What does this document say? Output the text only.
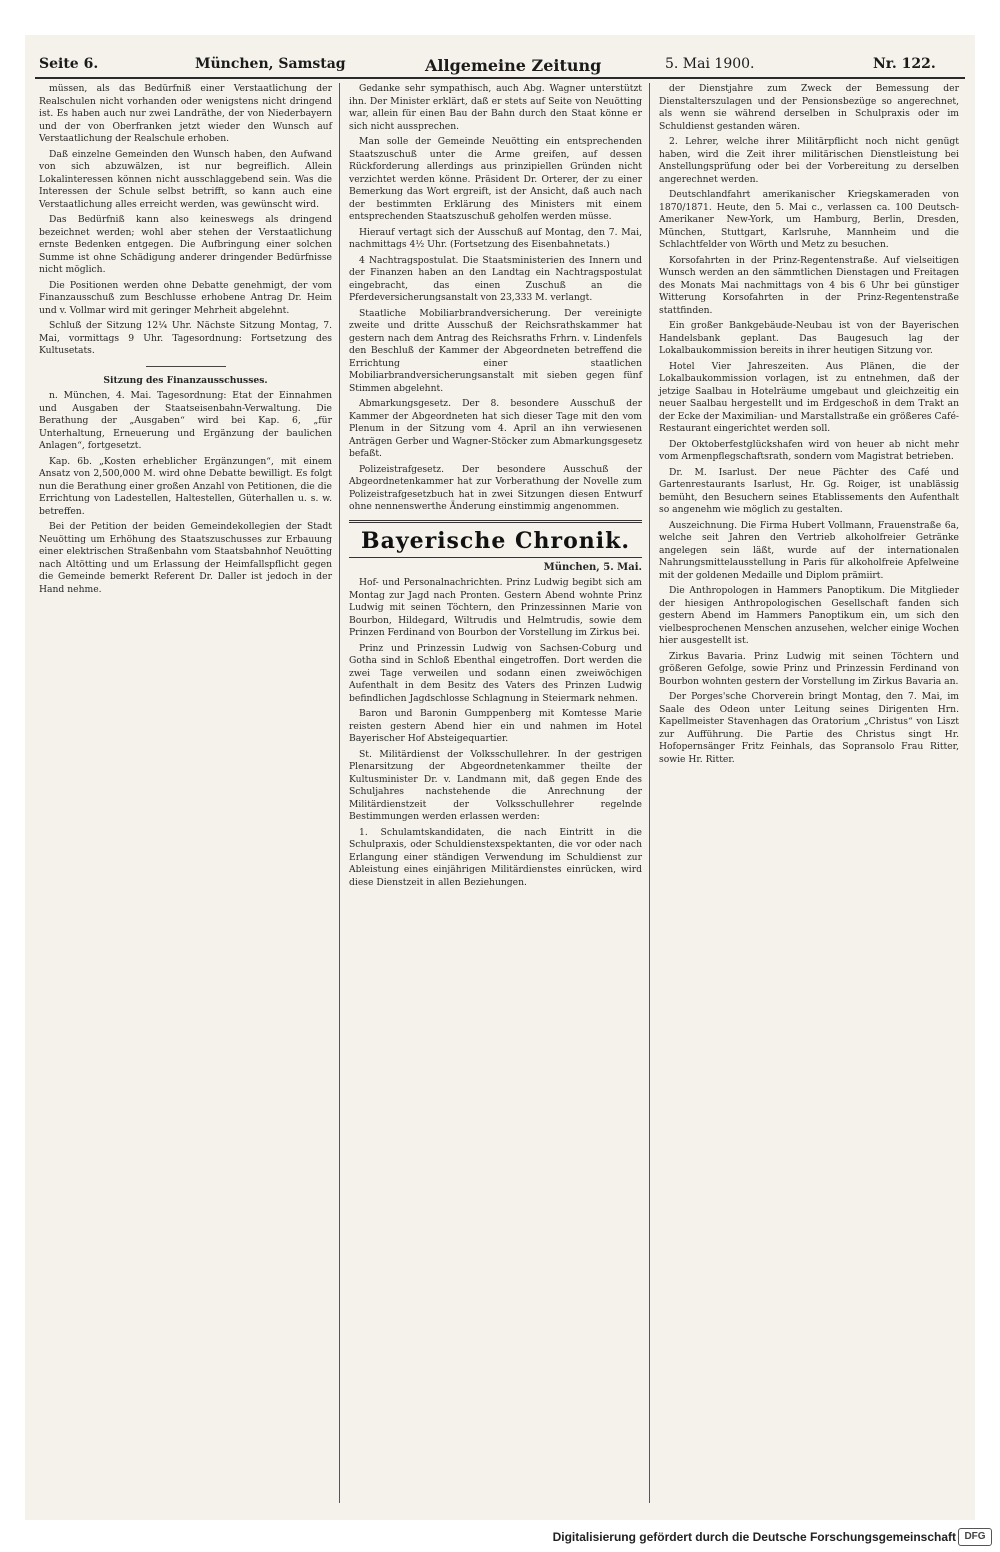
Seite 6.	München, Samstag	Allgemeine Zeitung	5. Mai 1900.	Nr. 122.

müssen, als das Bedürfniß einer Verstaatlichung der Realschulen nicht vorhanden oder wenigstens nicht dringend ist. Es haben auch nur zwei Landräthe, der von Niederbayern und der von Oberfranken jetzt wieder den Wunsch auf Verstaatlichung der Realschule erhoben.

Daß einzelne Gemeinden den Wunsch haben, den Aufwand von sich abzuwälzen, ist nur begreiflich. Allein Lokalinteressen können nicht ausschlaggebend sein. Was die Interessen der Schule selbst betrifft, so kann auch eine Verstaatlichung alles erreicht werden, was gewünscht wird.

Das Bedürfniß kann also keineswegs als dringend bezeichnet werden; wohl aber stehen der Verstaatlichung ernste Bedenken entgegen. Die Aufbringung einer solchen Summe ist ohne Schädigung anderer dringender Bedürfnisse nicht möglich.

Die Positionen werden ohne Debatte genehmigt, der vom Finanzausschuß zum Beschlusse erhobene Antrag Dr. Heim und v. Vollmar wird mit geringer Mehrheit abgelehnt.

Schluß der Sitzung 12¼ Uhr. Nächste Sitzung Montag, 7. Mai, vormittags 9 Uhr. Tagesordnung: Fortsetzung des Kultusetats.

Sitzung des Finanzausschusses.

n. München, 4. Mai. Tagesordnung: Etat der Einnahmen und Ausgaben der Staatseisenbahn-Verwaltung. Die Berathung der „Ausgaben“ wird bei Kap. 6, „für Unterhaltung, Erneuerung und Ergänzung der baulichen Anlagen“, fortgesetzt.

Kap. 6b. „Kosten erheblicher Ergänzungen“, mit einem Ansatz von 2,500,000 M. wird ohne Debatte bewilligt. Es folgt nun die Berathung einer großen Anzahl von Petitionen, die die Errichtung von Ladestellen, Haltestellen, Güterhallen u. s. w. betreffen.

Bei der Petition der beiden Gemeindekollegien der Stadt Neuötting um Erhöhung des Staatszuschusses zur Erbauung einer elektrischen Straßenbahn vom Staatsbahnhof Neuötting nach Altötting und um Erlassung der Heimfallspflicht gegen die Gemeinde bemerkt Referent Dr. Daller ist jedoch in der Hand nehme.

Gedanke sehr sympathisch, auch Abg. Wagner unterstützt ihn. Der Minister erklärt, daß er stets auf Seite von Neuötting war, allein für einen Bau der Bahn durch den Staat könne er sich nicht aussprechen.

Man solle der Gemeinde Neuötting ein entsprechenden Staatszuschuß unter die Arme greifen, auf dessen Rückforderung allerdings aus prinzipiellen Gründen nicht verzichtet werden könne. Präsident Dr. Orterer, der zu einer Bemerkung das Wort ergreift, ist der Ansicht, daß auch nach der bestimmten Erklärung des Ministers mit einem entsprechenden Staatszuschuß geholfen werden müsse.

Hierauf vertagt sich der Ausschuß auf Montag, den 7. Mai, nachmittags 4½ Uhr. (Fortsetzung des Eisenbahnetats.)

4 Nachtragspostulat. Die Staatsministerien des Innern und der Finanzen haben an den Landtag ein Nachtragspostulat eingebracht, das einen Zuschuß an die Pferdeversicherungsanstalt von 23,333 M. verlangt.

Staatliche Mobiliarbrandversicherung. Der vereinigte zweite und dritte Ausschuß der Reichsrathskammer hat gestern nach dem Antrag des Reichsraths Frhrn. v. Lindenfels den Beschluß der Kammer der Abgeordneten betreffend die Errichtung einer staatlichen Mobiliarbrandversicherungsanstalt mit sieben gegen fünf Stimmen abgelehnt.

Abmarkungsgesetz. Der 8. besondere Ausschuß der Kammer der Abgeordneten hat sich dieser Tage mit den vom Plenum in der Sitzung vom 4. April an ihn verwiesenen Anträgen Gerber und Wagner-Stöcker zum Abmarkungsgesetz befaßt.

Polizeistrafgesetz. Der besondere Ausschuß der Abgeordnetenkammer hat zur Vorberathung der Novelle zum Polizeistrafgesetzbuch hat in zwei Sitzungen diesen Entwurf ohne nennenswerthe Änderung einstimmig angenommen.

Bayerische Chronik.
München, 5. Mai.

Hof- und Personalnachrichten. Prinz Ludwig begibt sich am Montag zur Jagd nach Pronten. Gestern Abend wohnte Prinz Ludwig mit seinen Töchtern, den Prinzessinnen Marie von Bourbon, Hildegard, Wiltrudis und Helmtrudis, sowie dem Prinzen Ferdinand von Bourbon der Vorstellung im Zirkus bei.

Prinz und Prinzessin Ludwig von Sachsen-Coburg und Gotha sind in Schloß Ebenthal eingetroffen. Dort werden die zwei Tage verweilen und sodann einen zweiwöchigen Aufenthalt in dem Besitz des Vaters des Prinzen Ludwig befindlichen Jagdschlosse Schlagnung in Steiermark nehmen.

Baron und Baronin Gumppenberg mit Komtesse Marie reisten gestern Abend hier ein und nahmen im Hotel Bayerischer Hof Absteigequartier.

St. Militärdienst der Volksschullehrer. In der gestrigen Plenarsitzung der Abgeordnetenkammer theilte der Kultusminister Dr. v. Landmann mit, daß gegen Ende des Schuljahres nachstehende die Anrechnung der Militärdienstzeit der Volksschullehrer regelnde Bestimmungen werden erlassen werden:

1. Schulamtskandidaten, die nach Eintritt in die Schulpraxis, oder Schuldienstexspektanten, die vor oder nach Erlangung einer ständigen Verwendung im Schuldienst zur Ableistung eines einjährigen Militärdienstes einrücken, wird diese Dienstzeit in allen Beziehungen.

der Dienstjahre zum Zweck der Bemessung der Dienstalterszulagen und der Pensionsbezüge so angerechnet, als wenn sie während derselben in Schulpraxis oder im Schuldienst gestanden wären.

2. Lehrer, welche ihrer Militärpflicht noch nicht genügt haben, wird die Zeit ihrer militärischen Dienstleistung bei Anstellungsprüfung oder bei der Vorbereitung zu derselben angerechnet werden.

Deutschlandfahrt amerikanischer Kriegskameraden von 1870/1871. Heute, den 5. Mai c., verlassen ca. 100 Deutsch-Amerikaner New-York, um Hamburg, Berlin, Dresden, München, Stuttgart, Karlsruhe, Mannheim und die Schlachtfelder von Wörth und Metz zu besuchen.

Korsofahrten in der Prinz-Regentenstraße. Auf vielseitigen Wunsch werden an den sämmtlichen Dienstagen und Freitagen des Monats Mai nachmittags von 4 bis 6 Uhr bei günstiger Witterung Korsofahrten in der Prinz-Regentenstraße stattfinden.

Ein großer Bankgebäude-Neubau ist von der Bayerischen Handelsbank geplant. Das Baugesuch lag der Lokalbaukommission bereits in ihrer heutigen Sitzung vor.

Hotel Vier Jahreszeiten. Aus Plänen, die der Lokalbaukommission vorlagen, ist zu entnehmen, daß der jetzige Saalbau in Hotelräume umgebaut und gleichzeitig ein neuer Saalbau hergestellt und im Erdgeschoß in dem Trakt an der Ecke der Maximilian- und Marstallstraße ein größeres Café-Restaurant eingerichtet werden soll.

Der Oktoberfestglückshafen wird von heuer ab nicht mehr vom Armenpflegschaftsrath, sondern vom Magistrat betrieben.

Dr. M. Isarlust. Der neue Pächter des Café und Gartenrestaurants Isarlust, Hr. Gg. Roiger, ist unablässig bemüht, den Besuchern seines Etablissements den Aufenthalt so angenehm wie möglich zu gestalten.

Auszeichnung. Die Firma Hubert Vollmann, Frauenstraße 6a, welche seit Jahren den Vertrieb alkoholfreier Getränke angelegen sein läßt, wurde auf der internationalen Nahrungsmittelausstellung in Paris für alkoholfreie Apfelweine mit der goldenen Medaille und Diplom prämiirt.

Die Anthropologen in Hammers Panoptikum. Die Mitglieder der hiesigen Anthropologischen Gesellschaft fanden sich gestern Abend im Hammers Panoptikum ein, um sich den vielbesprochenen Menschen anzusehen, welcher einige Wochen hier ausgestellt ist.

Zirkus Bavaria. Prinz Ludwig mit seinen Töchtern und größeren Gefolge, sowie Prinz und Prinzessin Ferdinand von Bourbon wohnten gestern der Vorstellung im Zirkus Bavaria an.

Der Porges'sche Chorverein bringt Montag, den 7. Mai, im Saale des Odeon unter Leitung seines Dirigenten Hrn. Kapellmeister Stavenhagen das Oratorium „Christus“ von Liszt zur Aufführung. Die Partie des Christus singt Hr. Hofopernsänger Fritz Feinhals, das Sopransolo Frau Ritter, sowie Hr. Ritter.

Digitalisierung gefördert durch die Deutsche Forschungsgemeinschaft DFG
